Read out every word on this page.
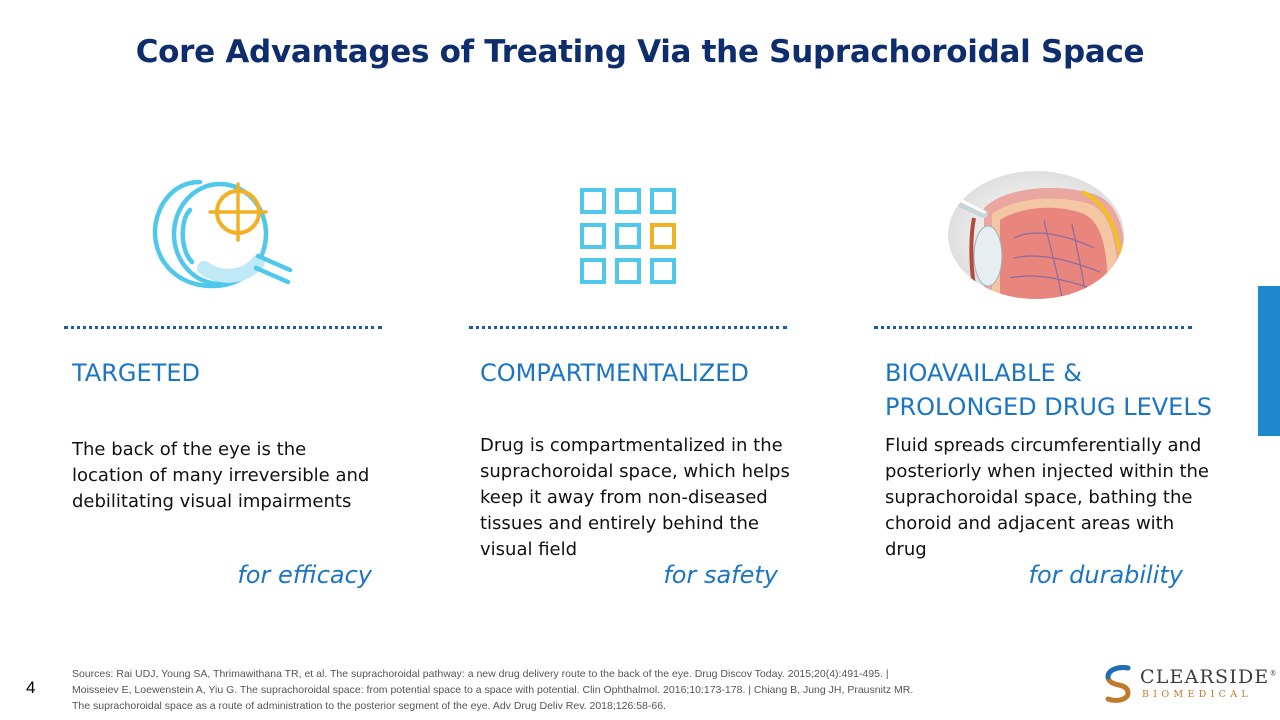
Core Advantages of Treating Via the Suprachoroidal Space
TARGETED
The back of the eye is the location of many irreversible and debilitating visual impairments
for efficacy
COMPARTMENTALIZED
Drug is compartmentalized in the suprachoroidal space, which helps keep it away from non-diseased tissues and entirely behind the visual field
for safety
BIOAVAILABLE &
PROLONGED DRUG LEVELS
Fluid spreads circumferentially and posteriorly when injected within the suprachoroidal space, bathing the choroid and adjacent areas with drug
for durability
4
Sources: Rai UDJ, Young SA, Thrimawithana TR, et al. The suprachoroidal pathway: a new drug delivery route to the back of the eye. Drug Discov Today. 2015;20(4):491-495. | Moisseiev E, Loewenstein A, Yiu G. The suprachoroidal space: from potential space to a space with potential. Clin Ophthalmol. 2016;10:173-178. | Chiang B, Jung JH, Prausnitz MR. The suprachoroidal space as a route of administration to the posterior segment of the eye. Adv Drug Deliv Rev. 2018;126:58-66.
CLEARSIDE®
BIOMEDICAL
